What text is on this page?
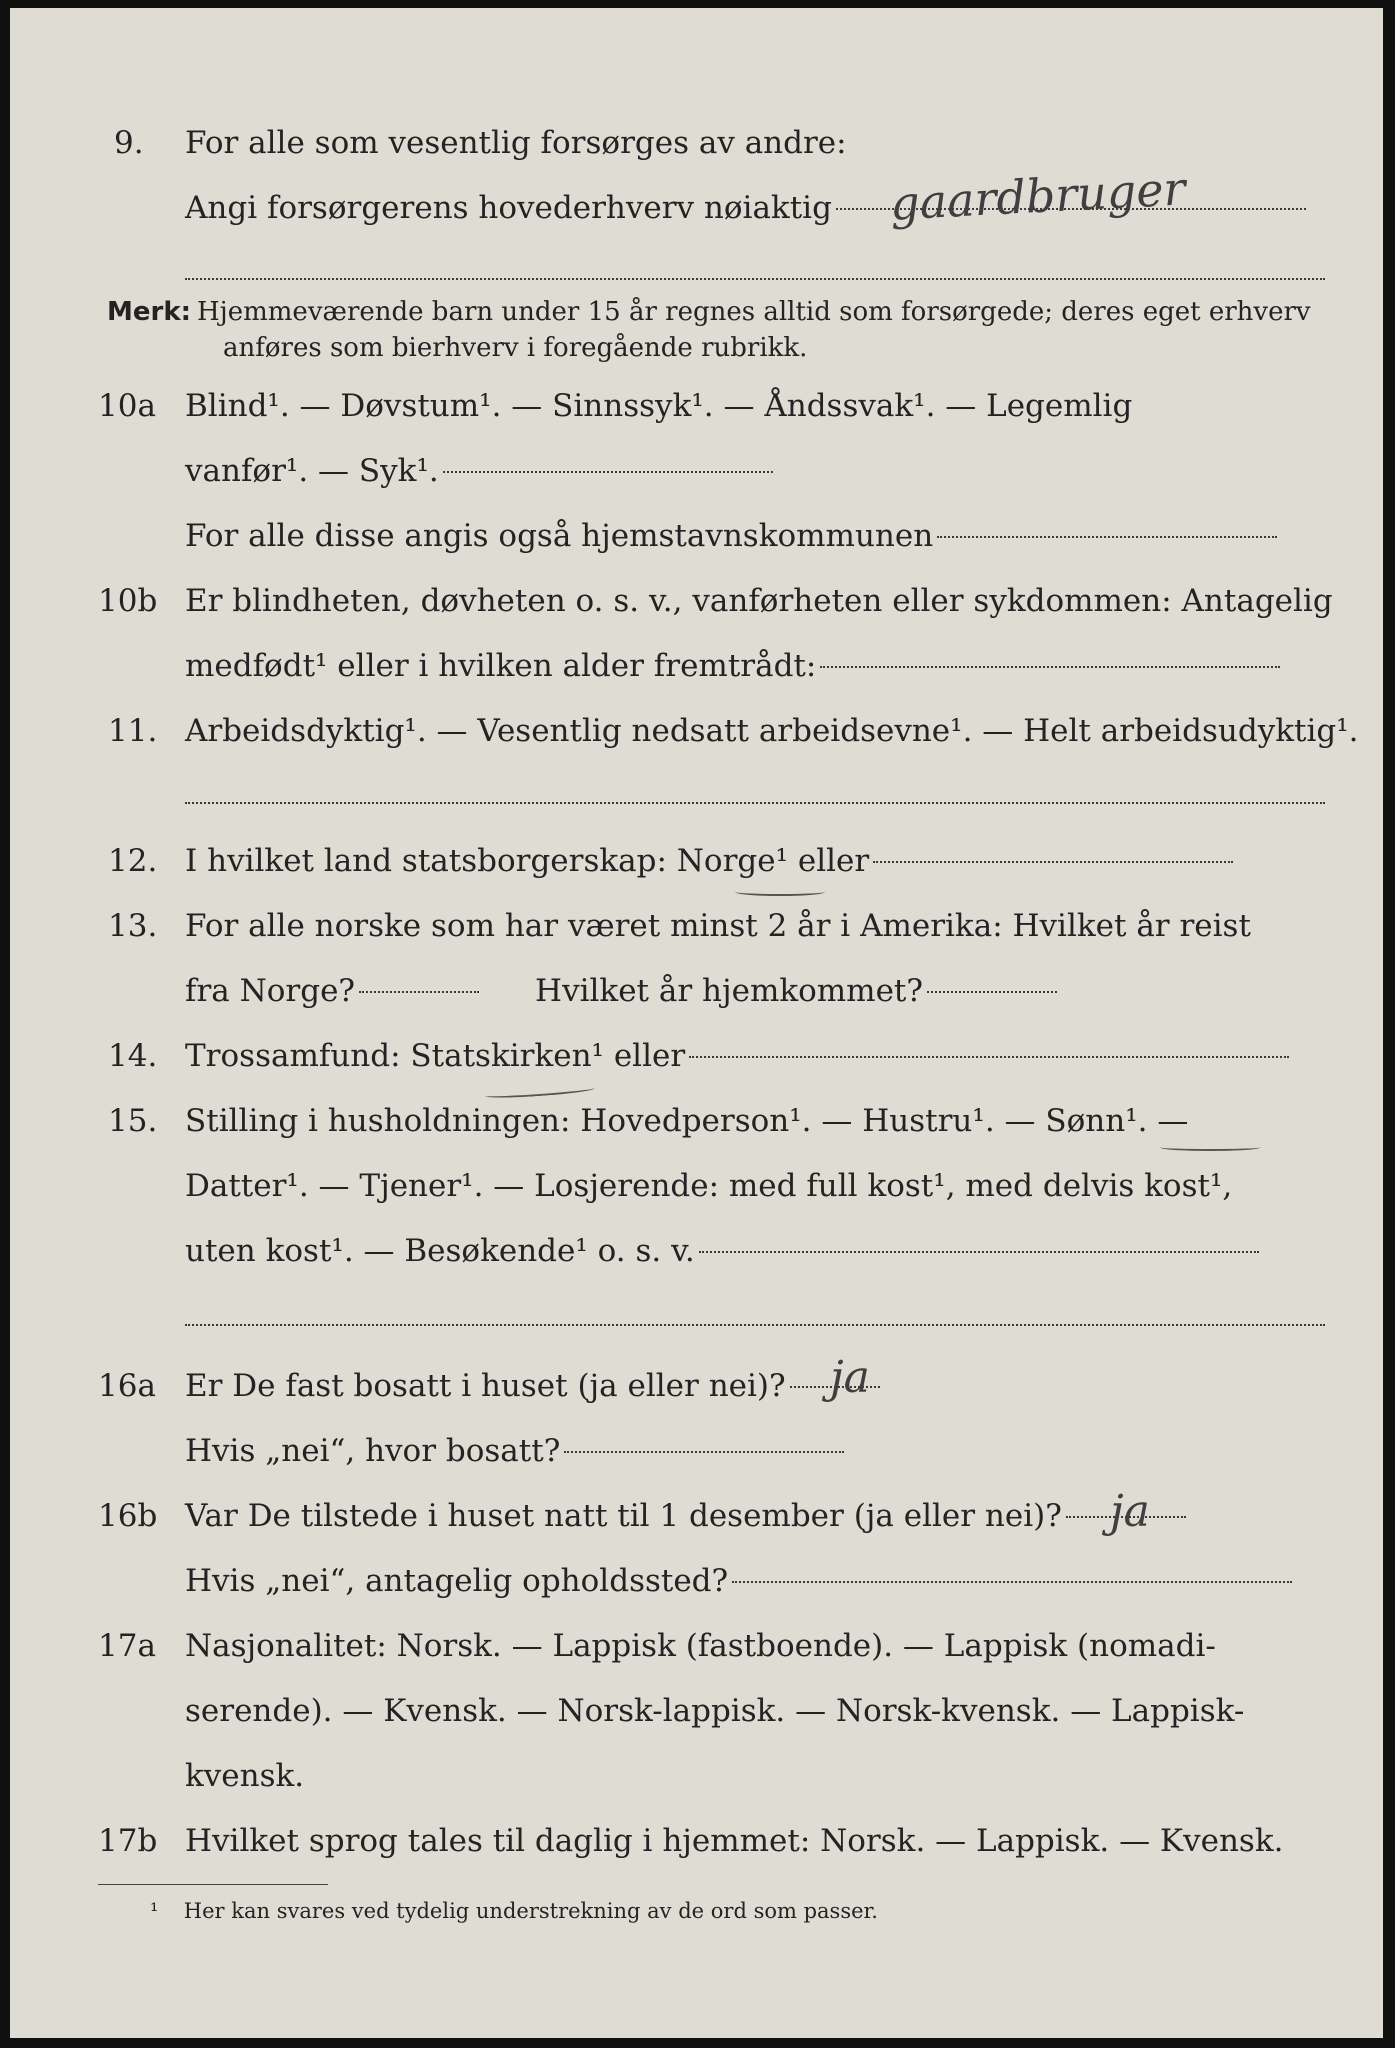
9. For alle som vesentlig forsørges av andre:
Angi forsørgerens hovederhverv nøiaktig gaardbruger
Merk: Hjemmeværende barn under 15 år regnes alltid som forsørgede; deres eget erhverv
anføres som bierhverv i foregående rubrikk.
10a Blind¹. — Døvstum¹. — Sinnssyk¹. — Åndssvak¹. — Legemlig
vanfør¹. — Syk¹.
For alle disse angis også hjemstavnskommunen
10b Er blindheten, døvheten o. s. v., vanførheten eller sykdommen: Antagelig
medfødt¹ eller i hvilken alder fremtrådt:
11. Arbeidsdyktig¹. — Vesentlig nedsatt arbeidsevne¹. — Helt arbeidsudyktig¹.
12. I hvilket land statsborgerskap: Norge¹ eller
13. For alle norske som har været minst 2 år i Amerika: Hvilket år reist
fra Norge?	Hvilket år hjemkommet?
14. Trossamfund: Statskirken¹ eller
15. Stilling i husholdningen: Hovedperson¹. — Hustru¹. — Sønn¹. —
Datter¹. — Tjener¹. — Losjerende: med full kost¹, med delvis kost¹,
uten kost¹. — Besøkende¹ o. s. v.
16a Er De fast bosatt i huset (ja eller nei)? ja
Hvis „nei“, hvor bosatt?
16b Var De tilstede i huset natt til 1 desember (ja eller nei)? ja
Hvis „nei“, antagelig opholdssted?
17a Nasjonalitet: Norsk. — Lappisk (fastboende). — Lappisk (nomadi-
serende). — Kvensk. — Norsk-lappisk. — Norsk-kvensk. — Lappisk-
kvensk.
17b Hvilket sprog tales til daglig i hjemmet: Norsk. — Lappisk. — Kvensk.
¹ Her kan svares ved tydelig understrekning av de ord som passer.
